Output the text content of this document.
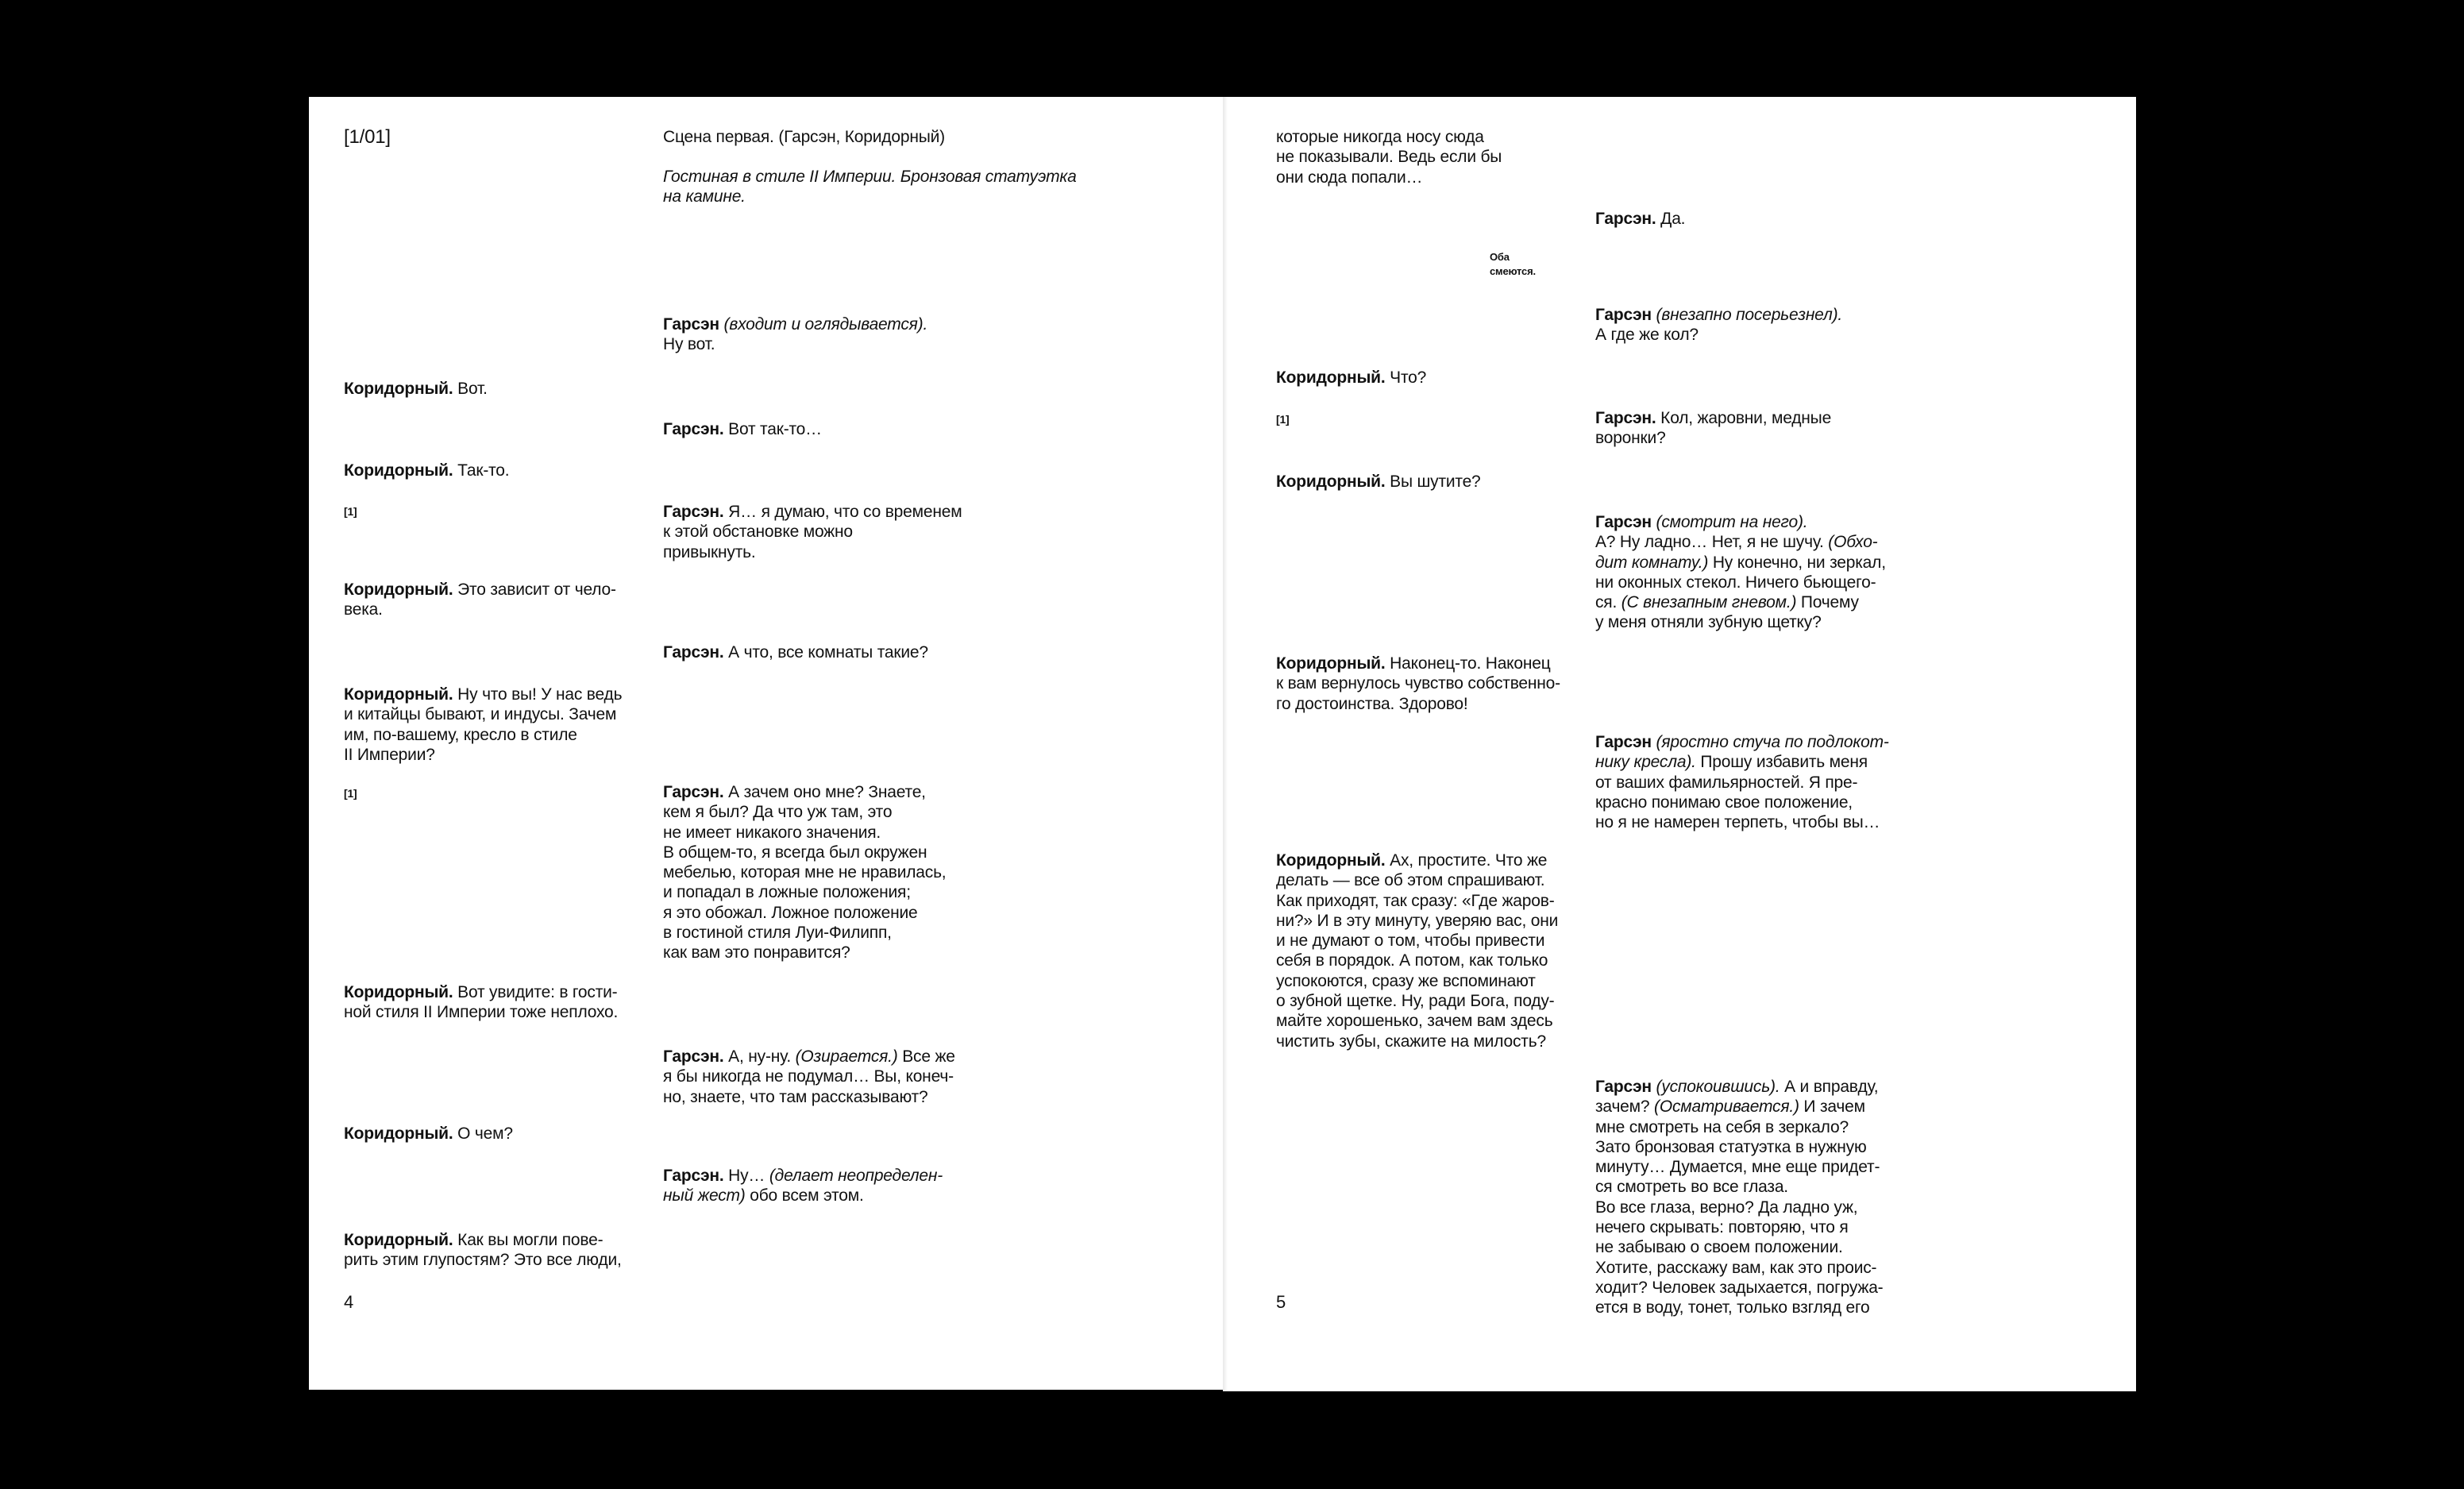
[1/01]	Сцена первая. (Гарсэн, Коридорный)
Гостиная в стиле II Империи. Бронзовая статуэтка
на камине.
Гарсэн (входит и оглядывается).
Ну вот.
Коридорный. Вот.
Гарсэн. Вот так-то…
Коридорный. Так-то.
[1]	Гарсэн. Я… я думаю, что со временем
к этой обстановке можно
привыкнуть.
Коридорный. Это зависит от чело-
века.
Гарсэн. А что, все комнаты такие?
Коридорный. Ну что вы! У нас ведь
и китайцы бывают, и индусы. Зачем
им, по-вашему, кресло в стиле
II Империи?
[1]	Гарсэн. А зачем оно мне? Знаете,
кем я был? Да что уж там, это
не имеет никакого значения.
В общем-то, я всегда был окружен
мебелью, которая мне не нравилась,
и попадал в ложные положения;
я это обожал. Ложное положение
в гостиной стиля Луи-Филипп,
как вам это понравится?
Коридорный. Вот увидите: в гости-
ной стиля II Империи тоже неплохо.
Гарсэн. А, ну-ну. (Озирается.) Все же
я бы никогда не подумал… Вы, конеч-
но, знаете, что там рассказывают?
Коридорный. О чем?
Гарсэн. Ну… (делает неопределен-
ный жест) обо всем этом.
Коридорный. Как вы могли пове-
рить этим глупостям? Это все люди,
4
которые никогда носу сюда
не показывали. Ведь если бы
они сюда попали…
Гарсэн. Да.
Оба
смеются.
Гарсэн (внезапно посерьезнел).
А где же кол?
Коридорный. Что?
[1]	Гарсэн. Кол, жаровни, медные
воронки?
Коридорный. Вы шутите?
Гарсэн (смотрит на него).
А? Ну ладно… Нет, я не шучу. (Обхо-
дит комнату.) Ну конечно, ни зеркал,
ни оконных стекол. Ничего бьющего-
ся. (С внезапным гневом.) Почему
у меня отняли зубную щетку?
Коридорный. Наконец-то. Наконец
к вам вернулось чувство собственно-
го достоинства. Здорово!
Гарсэн (яростно стуча по подлокот-
нику кресла). Прошу избавить меня
от ваших фамильярностей. Я пре-
красно понимаю свое положение,
но я не намерен терпеть, чтобы вы…
Коридорный. Ах, простите. Что же
делать — все об этом спрашивают.
Как приходят, так сразу: «Где жаров-
ни?» И в эту минуту, уверяю вас, они
и не думают о том, чтобы привести
себя в порядок. А потом, как только
успокоются, сразу же вспоминают
о зубной щетке. Ну, ради Бога, поду-
майте хорошенько, зачем вам здесь
чистить зубы, скажите на милость?
Гарсэн (успокоившись). А и вправду,
зачем? (Осматривается.) И зачем
мне смотреть на себя в зеркало?
Зато бронзовая статуэтка в нужную
минуту… Думается, мне еще придет-
ся смотреть во все глаза.
Во все глаза, верно? Да ладно уж,
нечего скрывать: повторяю, что я
не забываю о своем положении.
Хотите, расскажу вам, как это проис-
ходит? Человек задыхается, погружа-
ется в воду, тонет, только взгляд его
5
